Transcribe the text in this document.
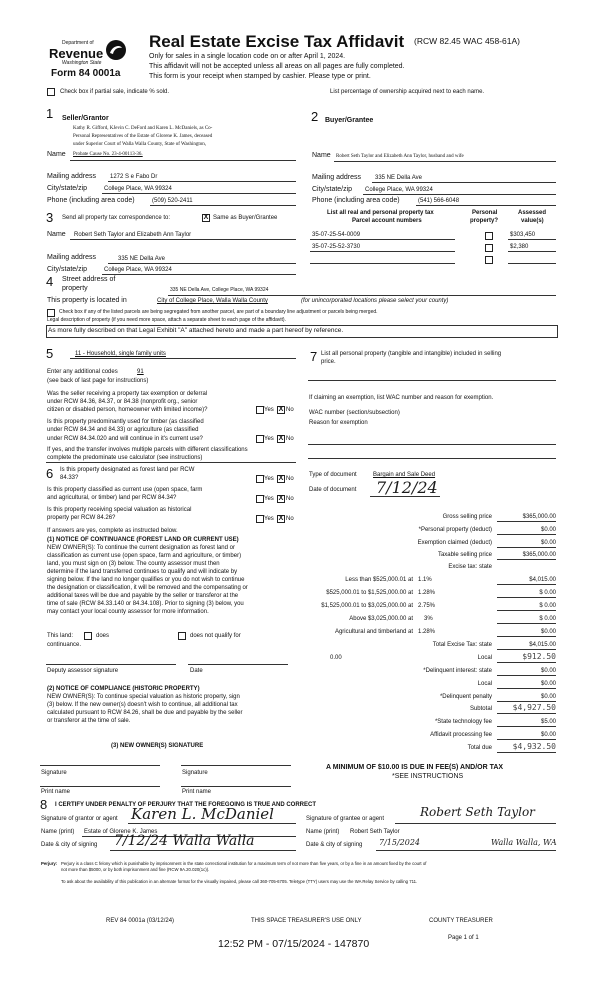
Department of
Revenue
Washington State
Form 84 0001a
Real Estate Excise Tax Affidavit (RCW 82.45 WAC 458-61A)
Only for sales in a single location code on or after April 1, 2024.
This affidavit will not be accepted unless all areas on all pages are fully completed.
This form is your receipt when stamped by cashier. Please type or print.
Check box if partial sale, indicate % sold.	List percentage of ownership acquired next to each name.
1 Seller/Grantor
Kathy R. Gifford, KJevin C. DeFord and Karen L. McDaniels, as Co-
Personal Representatives of the Estate of Glorene K. James, deceased
under Superior Court of Walla Walla County, State of Washington,
Name Probate Cause No. 23-4-00113-36.
Mailing address 1272 S e Fabo Dr
City/state/zip	College Place, WA 99324
Phone (including area code)	(509) 520-2411
2 Buyer/Grantee
Name Robert Seth Taylor and Elizabeth Ann Taylor, husband and wife
Mailing address 335 NE Della Ave
City/state/zip College Place, WA 99324
Phone (including area code)	(541) 566-6048
3 Send all property tax correspondence to:	X Same as Buyer/Grantee
Name Robert Seth Taylor and Elizabeth Ann Taylor
Mailing address	335 NE Della Ave
City/state/zip	College Place, WA 99324
List all real and personal property tax
Parcel account numbers
Personal
property?
Assessed
value(s)
35-07-25-54-0009	$303,450
35-07-25-52-3730	$2,380
4 Street address of
property	335 NE Della Ave, College Place, WA 99324
This property is located in	City of College Place, Walla Walla County	(for unincorporated locations please select your county)
Check box if any of the listed parcels are being segregated from another parcel, are part of a boundary line adjustment or parcels being merged.
Legal description of property (if you need more space, attach a separate sheet to each page of the affidavit).
As more fully described on that Legal Exhibit "A" attached hereto and made a part hereof by reference.
5	11 - Household, single family units
Enter any additional codes	91
(see back of last page for instructions)
Was the seller receiving a property tax exemption or deferral
under RCW 84.36, 84.37, or 84.38 (nonprofit org., senior
citizen or disabled person, homeowner with limited income)?	Yes X No
Is this property predominantly used for timber (as classified
under RCW 84.34 and 84.33) or agriculture (as classified
under RCW 84.34.020 and will continue in it's current use?	Yes X No
If yes, and the transfer involves multiple parcels with different classifications
complete the predominate use calculator (see instructions)
6 Is this property designated as forest land per RCW
84.33?	Yes X No
Is this property classified as current use (open space, farm
and agricultural, or timber) land per RCW 84.34?	Yes X No
Is this property receiving special valuation as historical
property per RCW 84.26?	Yes X No
If answers are yes, complete as instructed below.
(1) NOTICE OF CONTINUANCE (FOREST LAND OR CURRENT USE)
NEW OWNER(S): To continue the current designation as forest land or
classification as current use (open space, farm and agriculture, or timber)
land, you must sign on (3) below. The county assessor must then
determine if the land transferred continues to qualify and will indicate by
signing below. If the land no longer qualifies or you do not wish to continue
the designation or classification, it will be removed and the compensating or
additional taxes will be due and payable by the seller or transferor at the
time of sale (RCW 84.33.140 or 84.34.108). Prior to signing (3) below, you
may contact your local county assessor for more information.
This land:	does	does not qualify for
continuance.
Deputy assessor signature	Date
(2) NOTICE OF COMPLIANCE (HISTORIC PROPERTY)
NEW OWNER(S): To continue special valuation as historic property, sign
(3) below. If the new owner(s) doesn't wish to continue, all additional tax
calculated pursuant to RCW 84.26, shall be due and payable by the seller
or transferor at the time of sale.
(3) NEW OWNER(S) SIGNATURE
Signature	Signature
Print name	Print name
7 List all personal property (tangible and intangible) included in selling
price.
If claiming an exemption, list WAC number and reason for exemption.
WAC number (section/subsection)
Reason for exemption
Type of document	Bargain and Sale Deed
Date of document 7/12/24
Gross selling price	$365,000.00
*Personal property (deduct)	$0.00
Exemption claimed (deduct)	$0.00
Taxable selling price	$365,000.00
Excise tax: state
Less than $525,000.01 at 1.1%	$4,015.00
$525,000.01 to $1,525,000.00 at 1.28%	$ 0.00
$1,525,000.01 to $3,025,000.00 at 2.75%	$ 0.00
Above $3,025,000.00 at 3%	$ 0.00
Agricultural and timberland at 1.28%	$0.00
Total Excise Tax: state	$4,015.00
0.00	Local	$912.50
*Delinquent interest: state	$0.00
Local	$0.00
*Delinquent penalty	$0.00
Subtotal	$4,927.50
*State technology fee	$5.00
Affidavit processing fee	$0.00
Total due	$4,932.50
A MINIMUM OF $10.00 IS DUE IN FEE(S) AND/OR TAX
*SEE INSTRUCTIONS
8 I CERTIFY UNDER PENALTY OF PERJURY THAT THE FOREGOING IS TRUE AND CORRECT
Signature of grantor or agent Karen L. McDaniel
Name (print) Estate of Glorene K. James
Date & city of signing 7/12/24 Walla Walla
Signature of grantee or agent	Robert Seth Taylor
Name (print) Robert Seth Taylor
Date & city of signing 7/15/2024	Walla Walla, WA
Perjury: Perjury is a class C felony which is punishable by imprisonment in the state correctional institution for a maximum term of not more than five years, or by a fine in an amount fixed by the court of
not more than $5000, or by both imprisonment and fine (RCW 9A.20.020(1c)).
To ask about the availability of this publication in an alternate format for the visually impaired, please call 360-705-6705. Teletype (TTY) users may use the WA Relay Service by calling 711.
REV 84 0001a (03/12/24)	THIS SPACE TREASURER'S USE ONLY	COUNTY TREASURER
Page 1 of 1
12:52 PM - 07/15/2024 - 147870
